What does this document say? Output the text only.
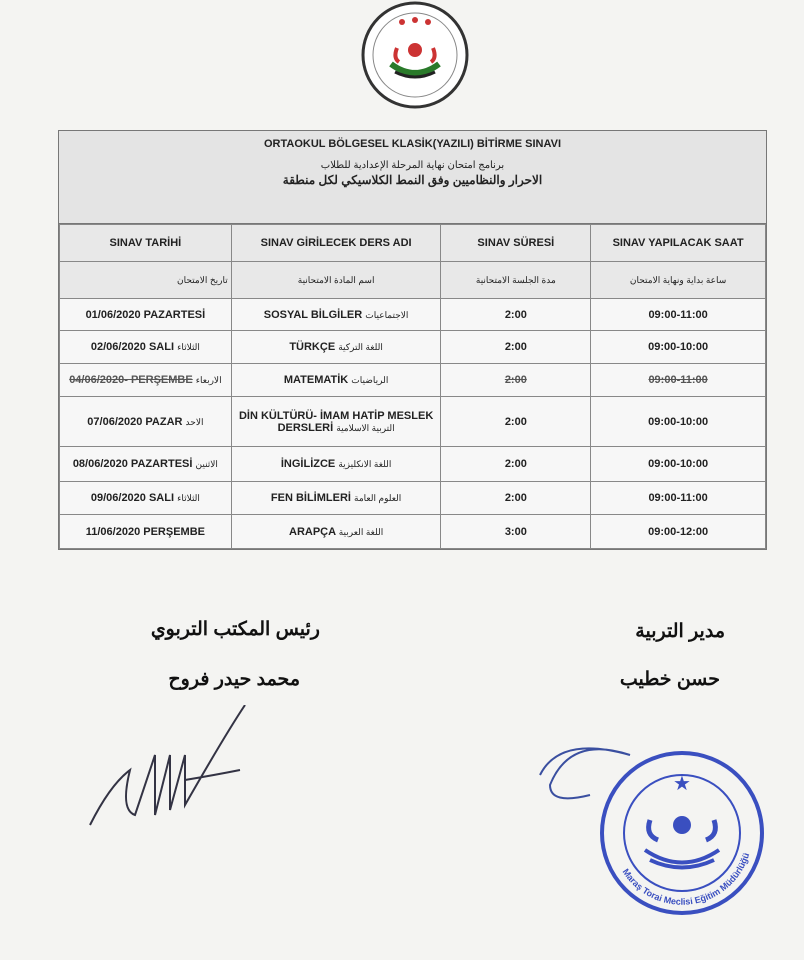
ORTAOKUL BÖLGESEL KLASİK(YAZILI) BİTİRME SINAVI
برنامج امتحان نهاية المرحلة الإعدادية للطلاب
الاحرار والنظاميين وفق النمط الكلاسيكي لكل منطقة
SINAV TARİHİ	SINAV GİRİLECEK DERS ADI	SINAV SÜRESİ	SINAV YAPILACAK SAAT
تاريخ الامتحان	اسم المادة الامتحانية	مدة الجلسة الامتحانية	ساعة بداية ونهاية الامتحان
01/06/2020 PAZARTESİ	SOSYAL BİLGİLER الاجتماعيات	2:00	09:00-11:00
02/06/2020 SALI الثلاثاء	TÜRKÇE اللغة التركية	2:00	09:00-10:00
04/06/2020- PERŞEMBE الاربعاء	MATEMATİK الرياضيات	2:00	09:00-11:00
07/06/2020 PAZAR الاحد	DİN KÜLTÜRÜ- İMAM HATİP MESLEK DERSLERİ التربية الاسلامية	2:00	09:00-10:00
08/06/2020 PAZARTESİ الاثنين	İNGİLİZCE اللغة الانكليزية	2:00	09:00-10:00
09/06/2020 SALI الثلاثاء	FEN BİLİMLERİ العلوم العامة	2:00	09:00-11:00
11/06/2020 PERŞEMBE	ARAPÇA اللغة العربية	3:00	09:00-12:00
رئيس المكتب التربوي
محمد حيدر فروح
مدير التربية
حسن خطيب
★
Maraş Torai Meclisi Eğitim Müdürlüğü
